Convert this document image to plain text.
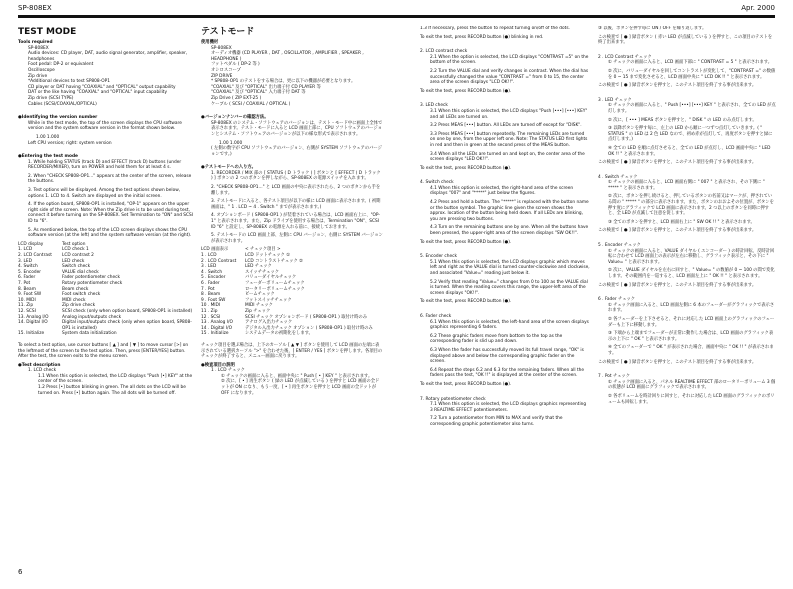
SP-808EX	Apr. 2000
TEST MODE
Tools required
SP-808EX
Audio devices: CD player, DAT, audio signal generator, amplifier, speaker, headphones
Foot pedal: DP-2 or equivalent
Oscilloscope
Zip drive
*Additional devices to test SP808-OP1
CD player or DAT having "COAXIAL" and "OPTICAL" output capability
DAT or the like having "COAXIAL" and "OPTICAL" input capability
Zip drive (SCSI TYPE)
Cables (SCSI/COAXIAL/OPTICAL)
● Identifying the version number
While in the test mode, the top of the screen displays the CPU software version and the system software version in the format shown below.
1.00 1.000
Left CPU version; right: system version
● Entering the test mode
1. While holding STATUS (track D) and EFFECT (track D) buttons (under RECORDER/MIXER), turn on POWER and hold them for at least 4 s.
2. When "CHECK SP808-OP1..." appears at the center of the screen, release the buttons.
3. Test options will be displayed. Among the test options shown below, options 1. LCD to 4. Switch are displayed on the initial screen.
4. If the option board, SP808-OP1 is installed, "OP-1" appears on the upper right side of the screen. Note: When the Zip drive is to be used during test, connect it before turning on the SP-808EX. Set Termination to "ON" and SCSI ID to "6".
5. As mentioned below, the top of the LCD screen displays shows the CPU software version (at the left) and the system software version (at the right).
LCD display	Test option
1. LCD	LCD check 1
2. LCD Contrast	LCD contrast 2
3. LED	LED check
4. Switch	Switch check
5. Encoder	VALUE dial check
6. Fader	Fader potentiometer check
7. Pot	Rotary potentiometer check
8. Beam	Beam check
9. Foot SW	Foot switch check
10. MIDI	MIDI check
11. Zip	Zip drive check
12. SCSI	SCSI check (only when option board, SP808-OP1 is installed)
13. Analog I/O	Analog input/outputs check
14. Digital I/O	Digital input/outputs check (only when option board, SP808-OP1 is installed)
15. Initialize	System data initialization
To select a test option, use cursor buttons [ ▲ ] and [ ▼ ] to move cursor [>] on the leftmost of the screen to the test option. Then, press [ENTER/YES] button. After the test, the screen exits to the menu screen.
● Test description
1. LCD check
1.1 When this option is selected, the LCD displays "Push [•] KEY" at the center of the screen.
1.2 Press [•] button blinking in green. The all dots on the LCD will be turned on. Press [•] button again. The all dots will be turned off.
テストモード
使用機材
SP-808EX
オーディオ機器 (CD PLAYER , DAT , OSCILLATOR , AMPLIFIER , SPEAKER , HEADPHONE )
フットペダル ( DP-2 等 )
オシロスコープ
ZIP DRIVE
* SP808-OP1 のテストをする場合は、更に以下の機器が必要となります。
"COAXIAL" 及び "OPTICAL" 出力端子付 CD PLAYER 等
"COAXIAL" 及び "OPTICAL" 入力端子付 DAT 等
Zip Drive ( ZIP EXT-25 )
ケーブル ( SCSI / COAXIAL / OPTICAL )
●バージョンナンバーの確認方法。
SP-808EX のシステム・ソフトウェアのバージョンは、テスト・モード中に画面上全体で表示されます。テスト・モードに入ると LCD 画面上部に、CPU ソフトウェアのバージョンとシステム・ソフトウェアのバージョンが以下の様な形式で表示されます。
1.00 1.000
( 左側の数字が CPU ソフトウェアのバージョン、右側が SYSTEM ソフトウェアのバージョンです。)
●テストモードへの入り方。
1. RECORDER / MIX 部の [ STATUS ( D トラック ) ] ボタンと [ EFFECT ( D トラック ) ] ボタンの 2 つのボタンを押しながら、SP-808EX の電源スイッチを入れます。
2. "CHECK SP808-OP1..." と LCD 画面の中央に表示されたら、2 つのボタンから手を離します。
3. テストモードに入ると、各テスト項目が以下の様に LCD 画面に表示されます。( 初期画面は、" 1 . LCD ~ 4 . Switch " までが表示されます。)
4. オプションボード ( SP808-OP1 ) が装着されている場合は、LCD 画面右上に、"OP-1" と表示されます。また、Zip ドライブを使用する場合は、Termination "ON"、SCSI ID "6" と設定し、SP-808EX の電源を入れる前に、接続しておきます。
5. テストモードの LCD 画面上部、左側に CPU バージョン、右側に SYSTEM バージョンが表示されます。
LCD 画面表示	< チェック項目 >
1 . LCD	LCD ドットチェック ①
2 . LCD Contrast	LCD コントラストチェック ②
3 . LED	LED チェック
4 . Switch	スイッチチェック
5 . Encoder	バリューダイヤルチェック
6 . Fader	フェーダーボリュームチェック
7 . Pot	ロータリーボリュームチェック
8 . Beam	ビームチェック
9 . Foot SW	フットスイッチチェック
10 . MIDI	MIDI チェック
11 . Zip	Zip チェック
12 . SCSI	SCSI チェック オプションボード ( SP808-OP1 ) 取付け時のみ
13 . Analog I/O	アナログ入出力チェック
14 . Digital I/O	デジタル入出力チェック オプション ( SP808-OP1 ) 取付け時のみ
15 . Initialize	システムデータの初期化をします。
チェック項目を選ぶ場合は、上下のカーソル [ ▲ ▼ ] ボタンを使用して LCD 画面の左端に表示されている選択カーソル ">" を合わせた後、[ ENTER / YES ] ボタンを押します。各項目のチェックが終了すると、メニュー画面に戻ります。
●検査項目の説明
1 . LCD チェック
① チェックの画面に入ると、画面中央に " Push [ • ] KEY " と表示されます。
② 次に、[ • ] 再生ボタン ( 緑の LED が点滅している ) を押すと LCD 画面の全ドットが ON になり、もう一度、[ • ] 再生ボタンを押すと LCD 画面の全ドットが OFF になります。
1.3 If necessary, press the button to repeat turning on/off of the dots.
To exit the test, press RECORD button (●) blinking in red.
2. LCD contrast check
2.1 When the option is selected, the LCD displays "CONTRAST =5" on the bottom of the screen.
2.2 Turn the VALUE dial and verify changes in contrast. When the dial has successfully changed the value "CONTRAST =" from 0 to 15, the center area of the screen displays "LCD OK!!".
To exit the test, press RECORD button (●).
3. LED check
3.1 When this option is selected, the LCD displays "Push [•••] [•••] KEY" and all LEDs are turned on.
3.2 Press MEAS [•••] button. All LEDs are turned off except for "DISK".
3.3 Press MEAS [•••] button repeatedly. The remaining LEDs are turned on one by one, from the upper left one. Note: The STATUS LED first lights in red and then in green at the second press of the MEAS button.
3.4 When all the LEDs are turned on and kept on, the center area of the screen displays "LED OK!!".
To exit the test, press RECORD button (●).
4. Switch check
4.1 When this option is selected, the right-hand area of the screen displays "007" and "*****" just below the figures.
4.2 Press and hold a button. The "*****" is replaced with the button name or the button symbol. The graphic line given the screen shows the approx. location of the button being held down. If all LEDs are blinking, you are pressing two buttons.
4.3 Turn on the remaining buttons one by one. When all the buttons have been pressed, the upper-right area of the screen displays "SW OK!!".
To exit the test, press RECORD button (●).
5. Encoder check
5.1 When this option is selected, the LCD displays graphic which moves left and right as the VALUE dial is turned counter-clockwise and clockwise, and associated "Value=" reading just below it.
5.2 Verify that reading "Value=" changes from 0 to 100 as the VALUE dial is turned. When the reading covers this range, the upper-left area of the screen displays "OK!!".
To exit the test, press RECORD button (●).
6. Fader check
6.1 When this option is selected, the left-hand area of the screen displays graphics representing 6 faders.
6.2 These graphic faders move from bottom to the top as the corresponding fader is slid up and down.
6.3 When the fader has successfully moved its full travel range, "OK" is displayed above and below the corresponding graphic fader on the screen.
6.4 Repeat the steps 6.2 and 6.3 for the remaining faders. When all the faders pass the test, "OK !!" is displayed at the center of the screen.
To exit the test, press RECORD button (●).
7. Rotary potentiometer check
7.1 When this option is selected, the LCD displays graphics representing 3 REALTIME EFFECT potentiometers.
7.2 Turn a potentiometer from MIN to MAX and verify that the corresponding graphic potentiometer also turns.
③ 以後、ボタンを押す毎に ON / OFF を繰り返します。
この検査で [ ● ] 録音ボタン ( 赤い LED が点滅している ) を押すと、この項目のテストを終了出来ます。
2 . LCD Contrast チェック
① チェックの画面に入ると、LCD 画面下部に " CONTRAST = 5 " と表示されます。
② 次に、バリューダイヤルを回してコントラストが変化して、"CONTRAST =" の数値を 0 ~ 15 まで変化させると、LCD 画面中央に " LCD OK !! " と表示されます。
この検査で [ ● ] 録音ボタンを押すと、このテスト項目を終了する事が出来ます。
3 . LED チェック
① チェックの画面に入ると、" Push [•••] [•••] KEY " と表示され、全ての LED が点灯します。
② 次に、[ ••• ] MEAS ボタンを押すと、" DISK " の LED のみ点灯します。
③ 以降ボタンを押す毎に、左上の LED から順に一つずつ点灯していきます。( " STATUS " の LED は 2 色 LED なので、初め赤が点灯して、再度ボタンを押すと緑に点灯します。)
④ 全ての LED を順に点灯させると、全ての LED が点灯し、LCD 画面中央に " LED OK !! " と表示されます。
この検査で [ ● ] 録音ボタンを押すと、このテスト項目を終了する事が出来ます。
4 . Switch チェック
① チェックの画面に入ると、LCD 画面右側に " 007 " と表示され、その下側に " ***** " と表示されます。
② 次に、ボタンを押し続けると、押しているボタンの名前又はマークが、押されている間の " ***** " の部分に表示されます。また、ボタンのおおよその位置が、ボタンを押す度にグラフィックで LCD 画面に表示されます。2 つ以上のボタンを同時に押すと、全 LED が点滅して注意を促します。
③ 全てのボタンを押すと、LCD 画面右上に " SW OK !! " と表示されます。
この検査で [ ● ] 録音ボタンを押すと、このテスト項目を終了する事が出来ます。
5 . Encoder チェック
① チェックの画面に入ると、VALUE ダイヤル ( エンコーダー ) の時計回転、反時計回転に合わせて LCD 画面上の表示が左右に移動し、グラフィック表示と、その下に " Value= " と表示されます。
② 次に、VALUE ダイヤルを左右に回すと、" Value= " の数値が 0 ~ 100 の間で変化します。その範囲内を一巡すると、LCD 画面左上に " OK !! " と表示されます。
この検査で [ ● ] 録音ボタンを押すと、このテスト項目を終了する事が出来ます。
6 . Fader チェック
① チェック画面に入ると、LCD 画面左側に 6 本のフェーダーがグラフィックで表示されます。
② 各フェーダーを上下させると、それに対応した LCD 画面上のグラフィックのフェーダーも上下に移動します。
③ 下端から上端までフェーダーが正常に動作した場合は、LCD 画面のグラフィック表示の上下に " OK " と表示されます。
④ 全てのフェーダーで " OK " が表示された場合、画面中央に " OK !! " が表示されます。
この検査で [ ● ] 録音ボタンを押すと、このテスト項目を終了する事が出来ます。
7 . Pot チェック
① チェック画面に入ると、パネル REALTIME EFFECT 部のロータリーボリューム 3 個の状態が LCD 画面にグラフィックで表示されます。
② 各ボリュームを時計回りに回すと、それに対応した LCD 画面のグラフィックのボリュームも回転します。
6
